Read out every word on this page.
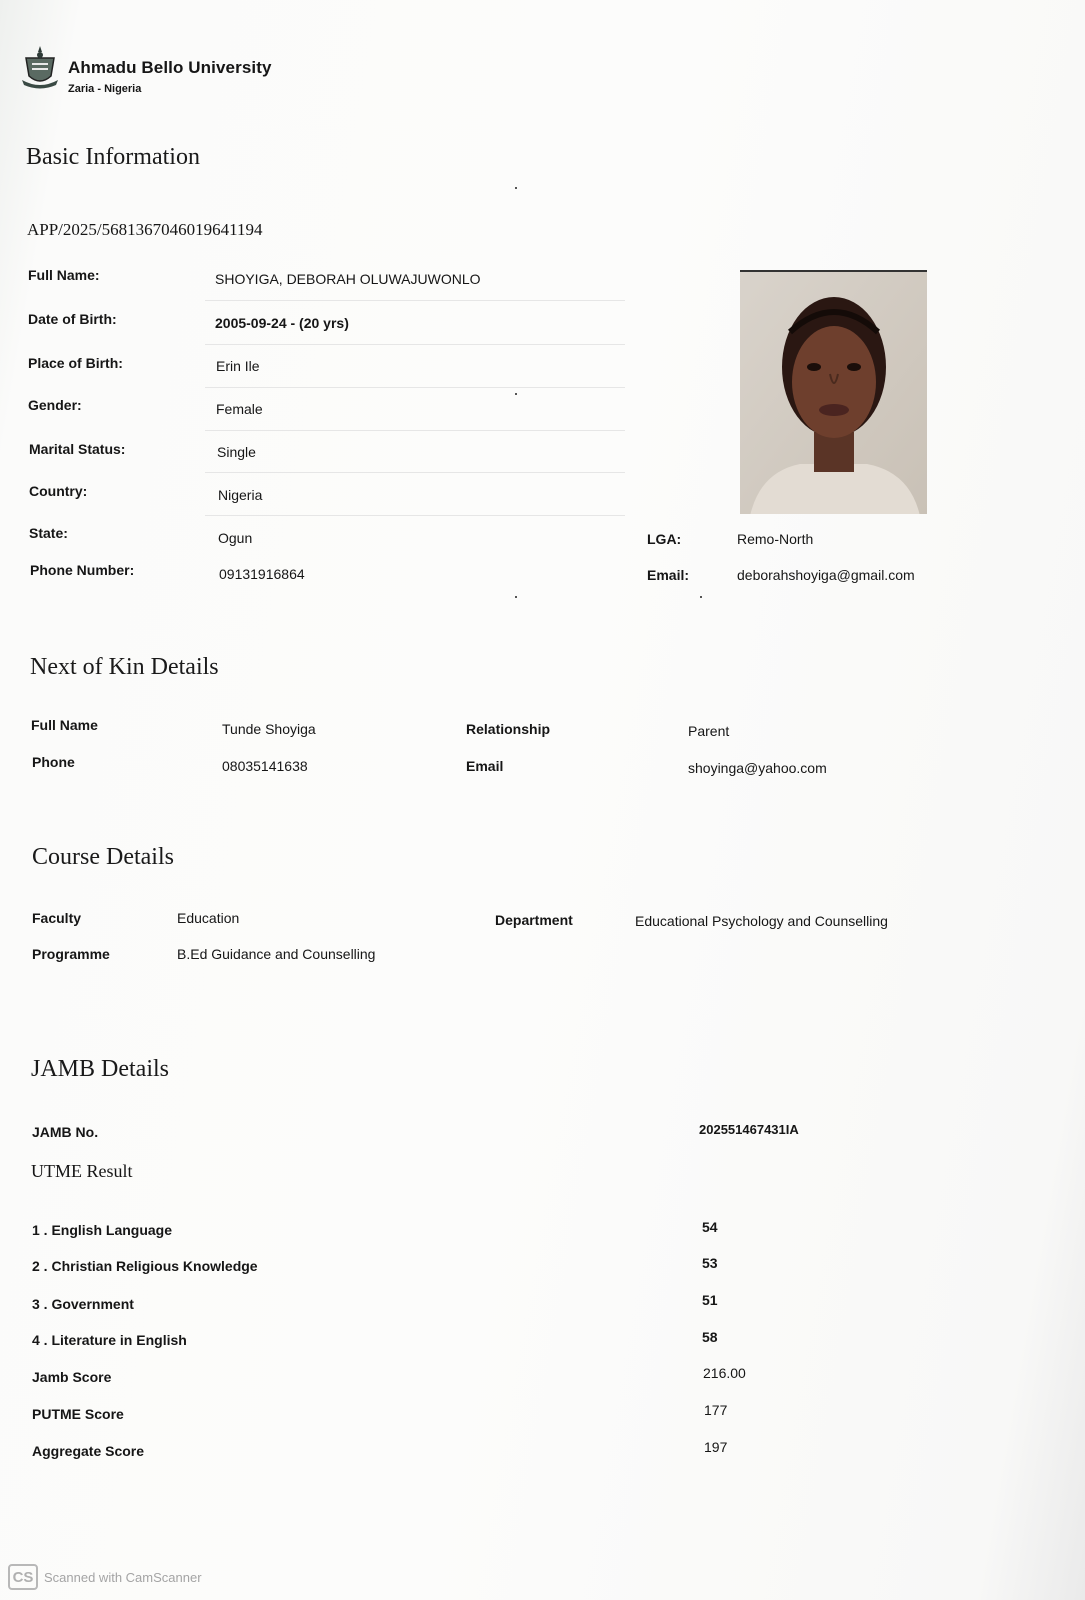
Ahmadu Bello University
Zaria - Nigeria
Basic Information
APP/2025/5681367046019641194
Full Name:	SHOYIGA, DEBORAH OLUWAJUWONLO
Date of Birth:	2005-09-24 - (20 yrs)
Place of Birth:	Erin Ile
Gender:	Female
Marital Status:	Single
Country:	Nigeria
State:	Ogun	LGA:	Remo-North
Phone Number:	09131916864	Email:	deborahshoyiga@gmail.com
Next of Kin Details
Full Name	Tunde Shoyiga	Relationship	Parent
Phone	08035141638	Email	shoyinga@yahoo.com
Course Details
Faculty	Education	Department	Educational Psychology and Counselling
Programme	B.Ed Guidance and Counselling
JAMB Details
JAMB No.	202551467431IA
UTME Result
1 . English Language	54
2 . Christian Religious Knowledge	53
3 . Government	51
4 . Literature in English	58
Jamb Score	216.00
PUTME Score	177
Aggregate Score	197
CS Scanned with CamScanner
